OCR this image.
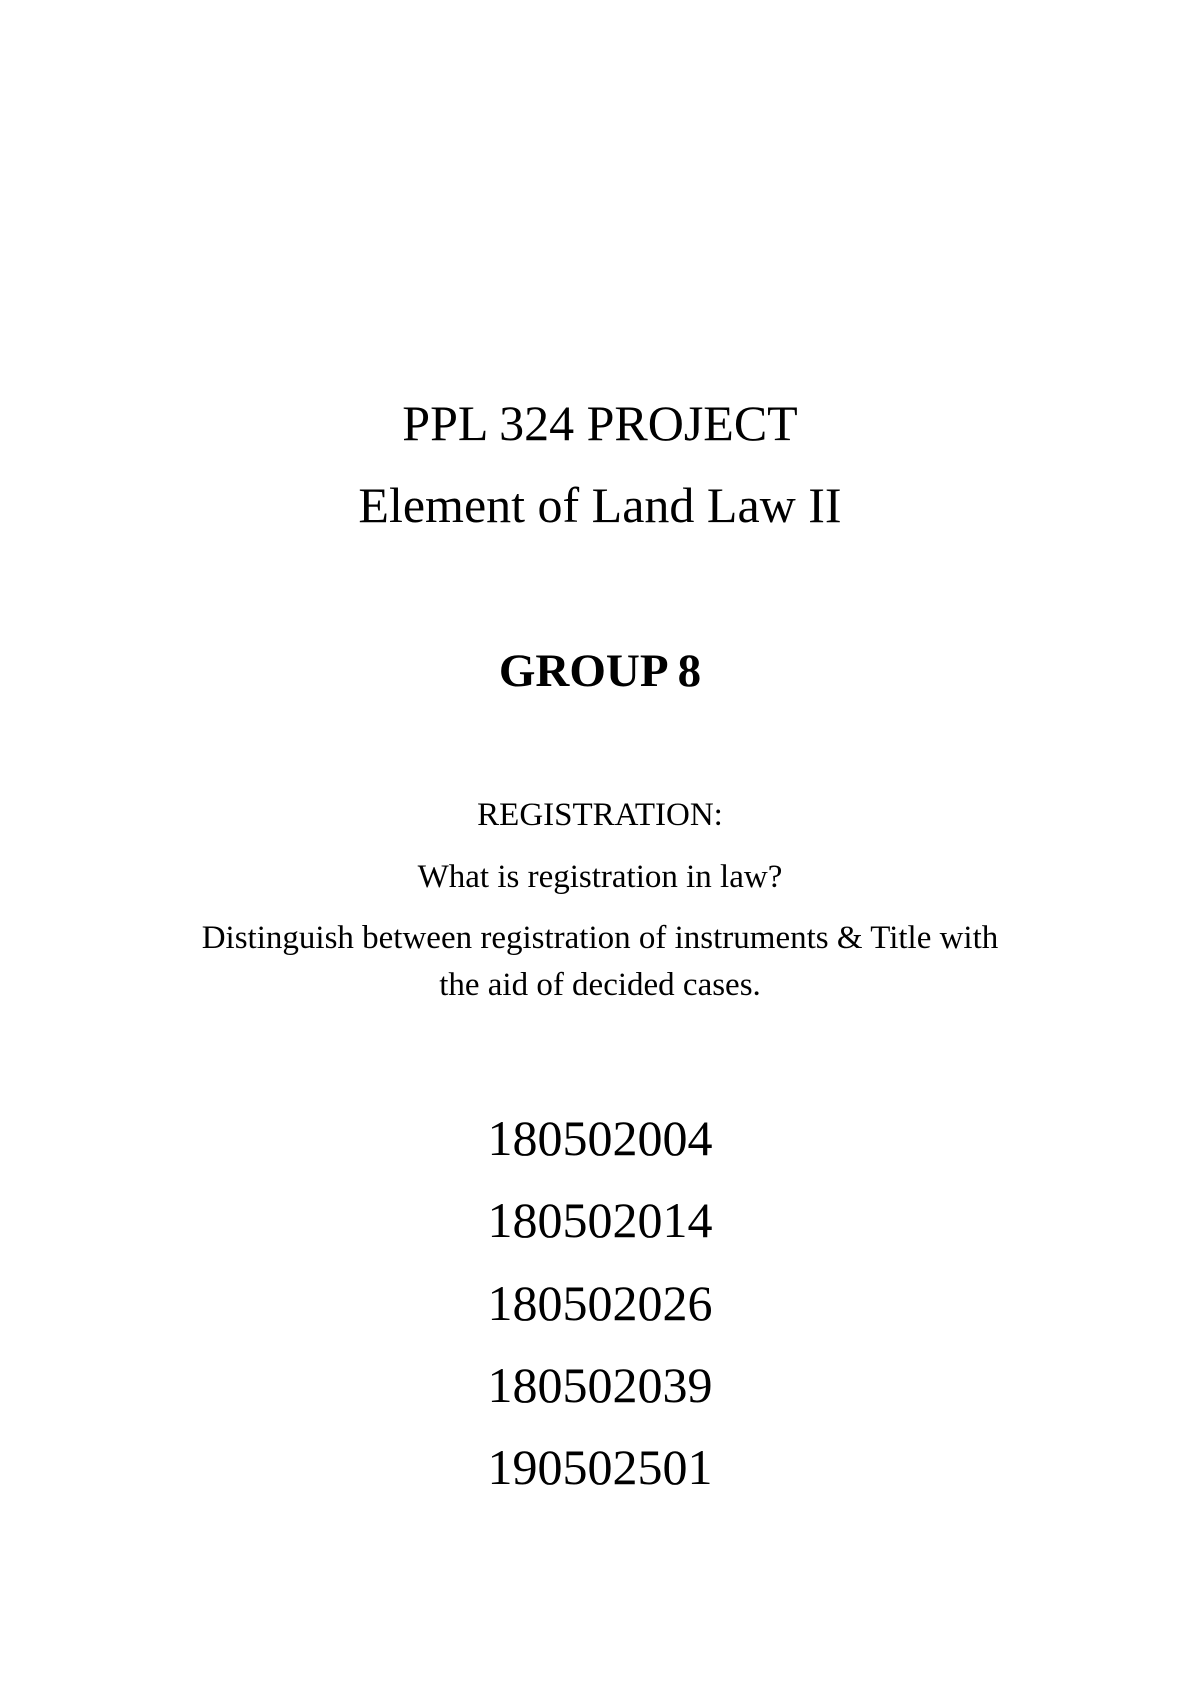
PPL 324 PROJECT
Element of Land Law II
GROUP 8
REGISTRATION:
What is registration in law?
Distinguish between registration of instruments & Title with
the aid of decided cases.
180502004
180502014
180502026
180502039
190502501
